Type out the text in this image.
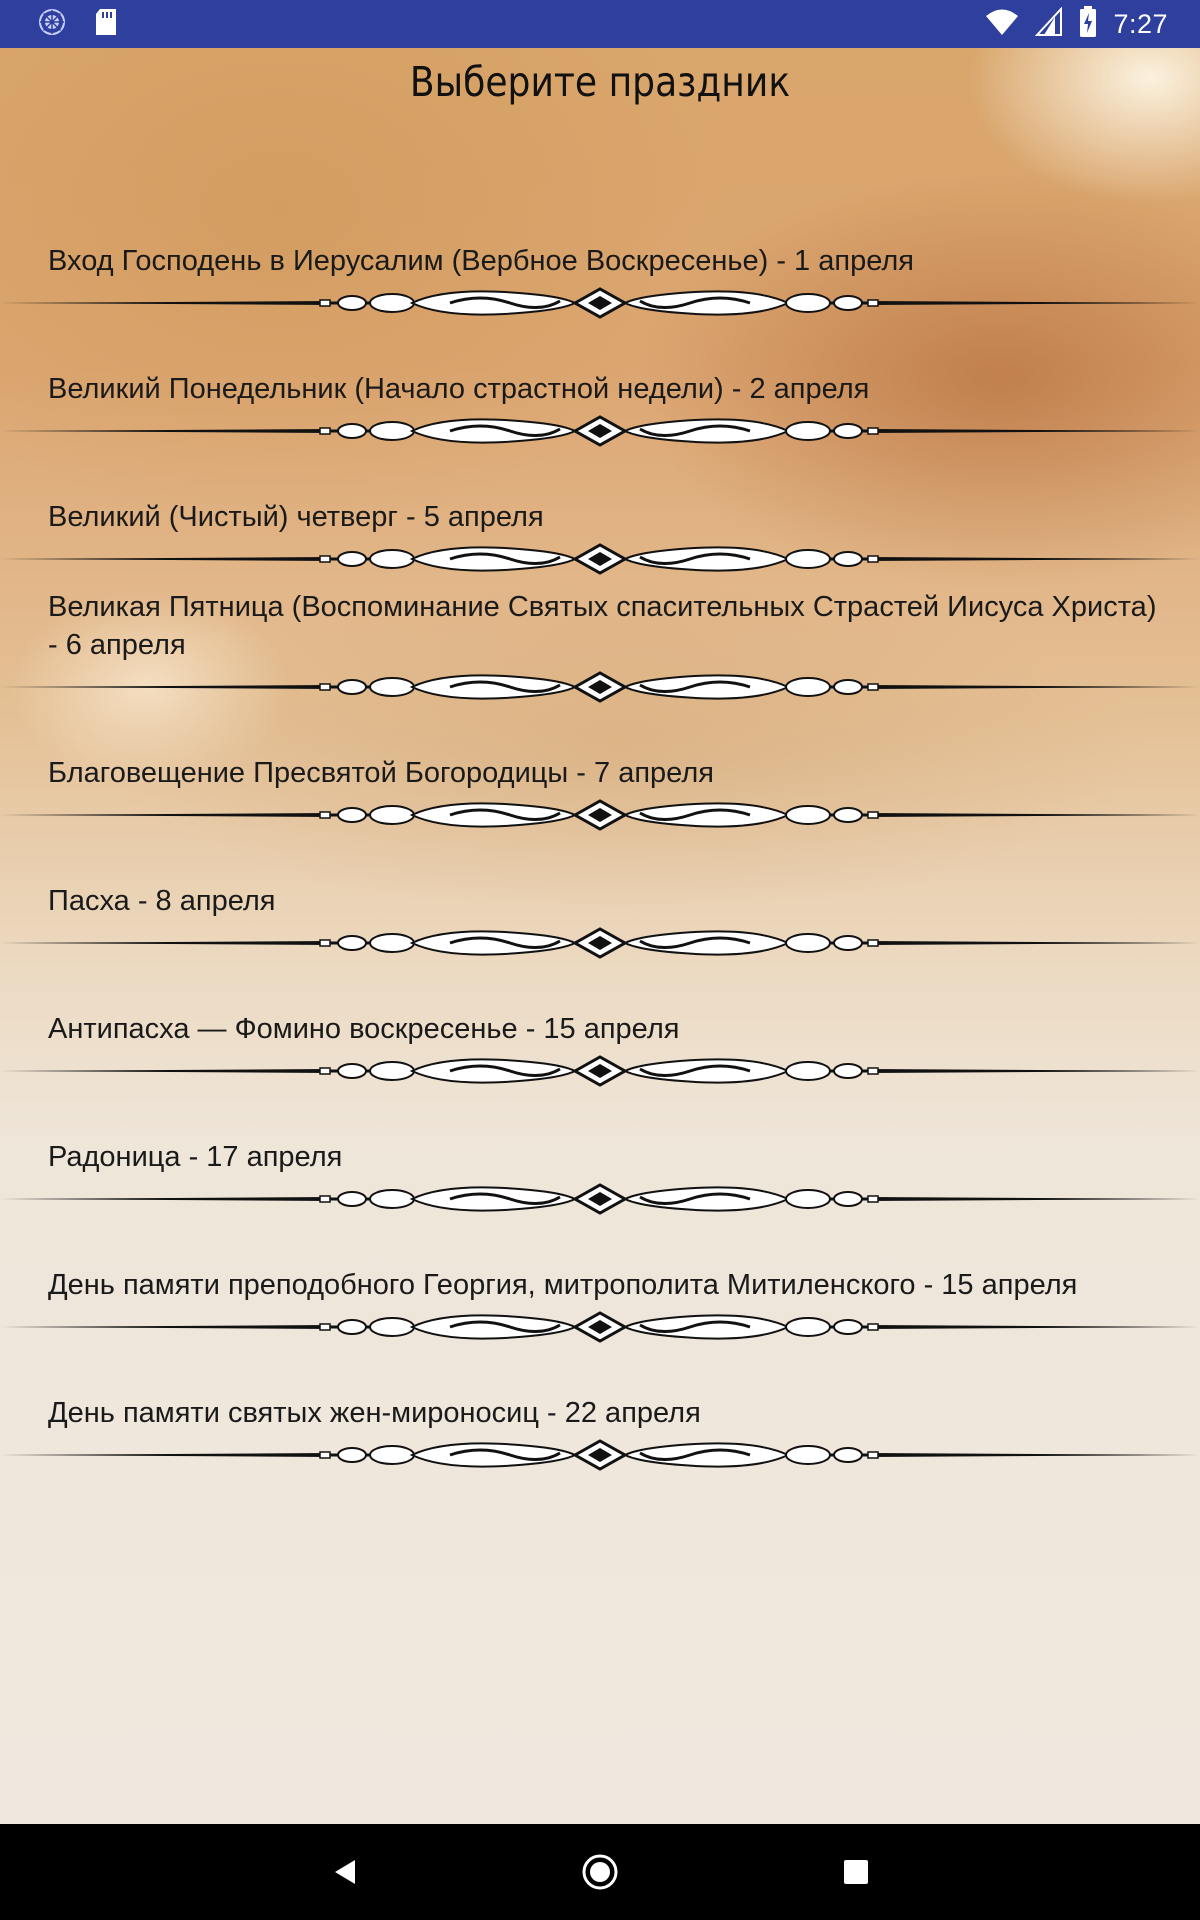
7:27
Выберите праздник
Вход Господень в Иерусалим (Вербное Воскресенье) - 1 апреля
Великий Понедельник (Начало страстной недели) - 2 апреля
Великий (Чистый) четверг - 5 апреля
Великая Пятница (Воспоминание Святых спасительных Страстей Иисуса Христа) - 6 апреля
Благовещение Пресвятой Богородицы - 7 апреля
Пасха - 8 апреля
Антипасха — Фомино воскресенье - 15 апреля
Радоница - 17 апреля
День памяти преподобного Георгия, митрополита Митиленского - 15 апреля
День памяти святых жен-мироносиц - 22 апреля
